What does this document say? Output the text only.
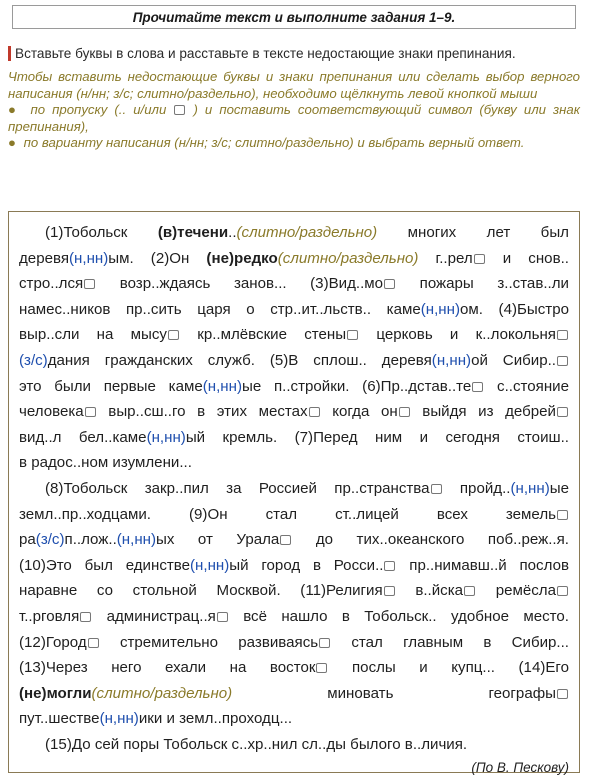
Прочитайте текст и выполните задания 1–9.
Вставьте буквы в слова и расставьте в тексте недостающие знаки препинания.

Чтобы вставить недостающие буквы и знаки препинания или сделать выбор верного написания (н/нн; з/с; слитно/раздельно), необходимо щёлкнуть левой кнопкой мыши

● по пропуску (.. и/или ) и поставить соответствующий символ (букву или знак препинания),

● по варианту написания (н/нн; з/с; слитно/раздельно) и выбрать верный ответ.

(1)Тобольск (в)течени..(слитно/раздельно) многих лет был
деревя(н,нн)ым. (2)Он (не)редко(слитно/раздельно) г..рел и снов..
стро..лся возр..ждаясь занов... (3)Вид..мо пожары з..став..ли
намес..ников пр..сить царя о стр..ит..льств.. каме(н,нн)ом. (4)Быстро
выр..сли на мысу кр..млёвские стены церковь и к..локольня
(з/с)дания гражданских служб. (5)В сплош.. деревя(н,нн)ой Сибир..
это были первые каме(н,нн)ые п..стройки. (6)Пр..дстав..те с..стояние
человека выр..сш..го в этих местах когда он выйдя из дебрей
вид..л бел..каме(н,нн)ый кремль. (7)Перед ним и сегодня стоиш..
в радос..ном изумлени...
(8)Тобольск закр..пил за Россией пр..странства пройд..(н,нн)ые
земл..пр..ходцами. (9)Он стал ст..лицей всех земель
ра(з/с)п..лож..(н,нн)ых от Урала до тих..океанского поб..реж..я.
(10)Это был единстве(н,нн)ый город в Росси.. пр..нимавш..й послов
наравне со стольной Москвой. (11)Религия в..йска ремёсла
т..рговля администрац..я всё нашло в Тобольск.. удобное место.
(12)Город стремительно развиваясь стал главным в Сибир...
(13)Через него ехали на восток послы и купц... (14)Его
(не)могли(слитно/раздельно)	миновать географы
пут..шестве(н,нн)ики и земл..проходц...
(15)До сей поры Тобольск с..хр..нил сл..ды былого в..личия.
(По В. Пескову)
